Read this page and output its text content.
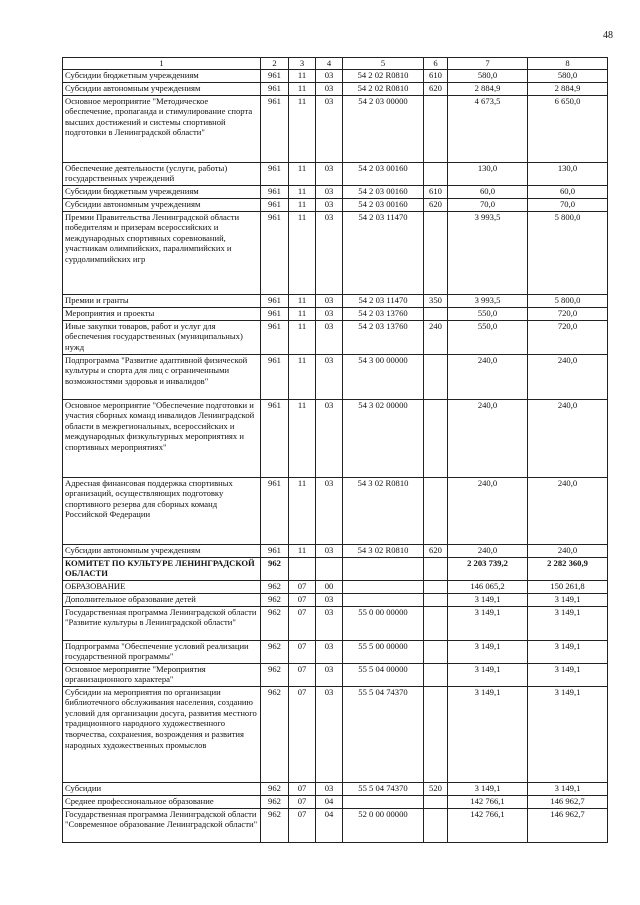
48
1	2	3	4	5	6	7	8
Субсидии бюджетным учреждениям	961	11	03	54 2 02 R0810	610	580,0	580,0
Субсидии автономным учреждениям	961	11	03	54 2 02 R0810	620	2 884,9	2 884,9
Основное мероприятие "Методическое обеспечение, пропаганда и стимулирование спорта высших достижений и системы спортивной подготовки в Ленинградской области"	961	11	03	54 2 03 00000		4 673,5	6 650,0
Обеспечение деятельности (услуги, работы) государственных учреждений	961	11	03	54 2 03 00160		130,0	130,0
Субсидии бюджетным учреждениям	961	11	03	54 2 03 00160	610	60,0	60,0
Субсидии автономным учреждениям	961	11	03	54 2 03 00160	620	70,0	70,0
Премии Правительства Ленинградской области победителям и призерам всероссийских и международных спортивных соревнований, участникам олимпийских, паралимпийских и сурдолимпийских игр	961	11	03	54 2 03 11470		3 993,5	5 800,0
Премии и гранты	961	11	03	54 2 03 11470	350	3 993,5	5 800,0
Мероприятия и проекты	961	11	03	54 2 03 13760		550,0	720,0
Иные закупки товаров, работ и услуг для обеспечения государственных (муниципальных) нужд	961	11	03	54 2 03 13760	240	550,0	720,0
Подпрограмма "Развитие адаптивной физической культуры и спорта для лиц с ограниченными возможностями здоровья и инвалидов"	961	11	03	54 3 00 00000		240,0	240,0
Основное мероприятие "Обеспечение подготовки и участия сборных команд инвалидов Ленинградской области в межрегиональных, всероссийских и международных физкультурных мероприятиях и спортивных мероприятиях"	961	11	03	54 3 02 00000		240,0	240,0
Адресная финансовая поддержка спортивных организаций, осуществляющих подготовку спортивного резерва для сборных команд Российской Федерации	961	11	03	54 3 02 R0810		240,0	240,0
Субсидии автономным учреждениям	961	11	03	54 3 02 R0810	620	240,0	240,0
КОМИТЕТ ПО КУЛЬТУРЕ ЛЕНИНГРАДСКОЙ ОБЛАСТИ	962					2 203 739,2	2 282 360,9
ОБРАЗОВАНИЕ	962	07	00			146 065,2	150 261,8
Дополнительное образование детей	962	07	03			3 149,1	3 149,1
Государственная программа Ленинградской области "Развитие культуры в Ленинградской области"	962	07	03	55 0 00 00000		3 149,1	3 149,1
Подпрограмма "Обеспечение условий реализации государственной программы"	962	07	03	55 5 00 00000		3 149,1	3 149,1
Основное мероприятие "Мероприятия организационного характера"	962	07	03	55 5 04 00000		3 149,1	3 149,1
Субсидии на мероприятия по организации библиотечного обслуживания населения, созданию условий для организации досуга, развития местного традиционного народного художественного творчества, сохранения, возрождения и развития народных художественных промыслов	962	07	03	55 5 04 74370		3 149,1	3 149,1
Субсидии	962	07	03	55 5 04 74370	520	3 149,1	3 149,1
Среднее профессиональное образование	962	07	04			142 766,1	146 962,7
Государственная программа Ленинградской области "Современное образование Ленинградской области"	962	07	04	52 0 00 00000		142 766,1	146 962,7
